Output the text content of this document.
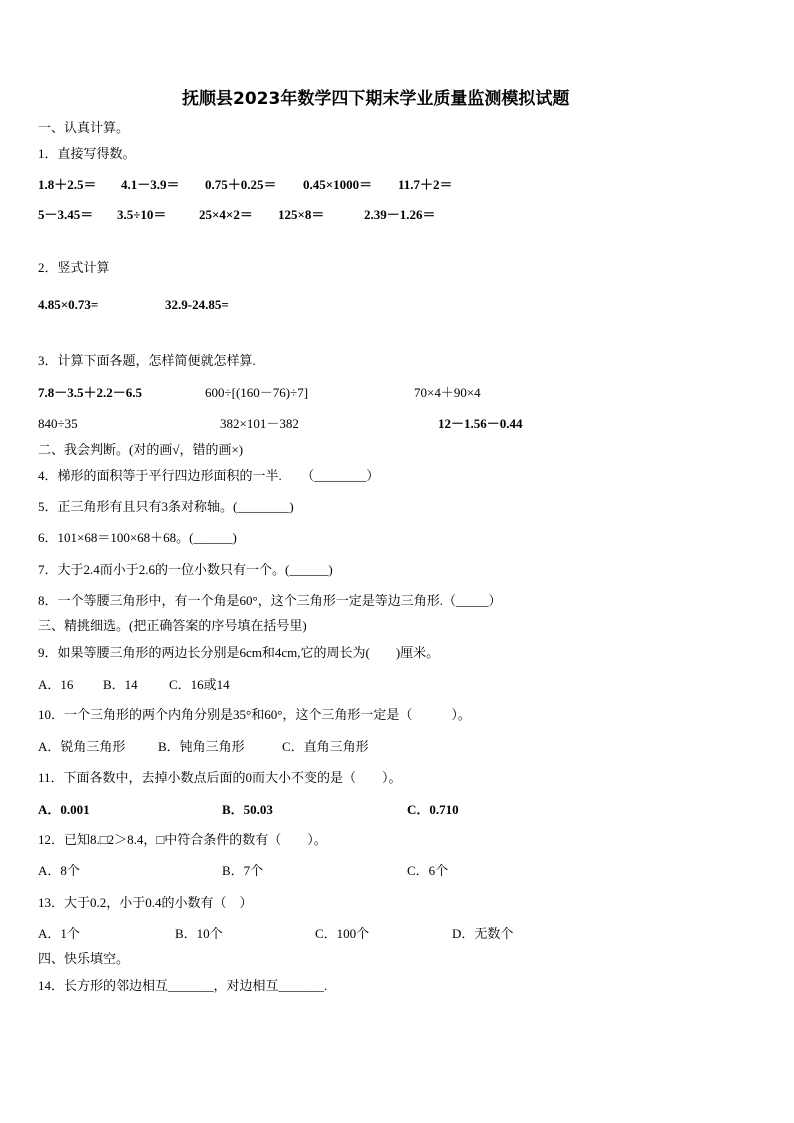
抚顺县2023年数学四下期末学业质量监测模拟试题
一、认真计算。
1．直接写得数。
1.8＋2.5＝ 4.1－3.9＝ 0.75＋0.25＝ 0.45×1000＝ 11.7＋2＝
5－3.45＝ 3.5÷10＝	25×4×2＝ 125×8＝	2.39－1.26＝
2．竖式计算
4.85×0.73=	32.9-24.85=
3．计算下面各题，怎样简便就怎样算.
7.8－3.5＋2.2－6.5	600÷[(160－76)÷7]	70×4＋90×4
840÷35	382×101－382	12－1.56－0.44
二、我会判断。(对的画√，错的画×)
4．梯形的面积等于平行四边形面积的一半.　　（________）
5．正三角形有且只有3条对称轴。(________)
6．101×68＝100×68＋68。(______)
7．大于2.4而小于2.6的一位小数只有一个。(______)
8．一个等腰三角形中，有一个角是60°，这个三角形一定是等边三角形.（_____）
三、精挑细选。(把正确答案的序号填在括号里)
9．如果等腰三角形的两边长分别是6cm和4cm,它的周长为(　　)厘米。
A．16 B．14 C．16或14
10．一个三角形的两个内角分别是35°和60°，这个三角形一定是（　　　）。
A．锐角三角形	B．钝角三角形	C．直角三角形
11．下面各数中，去掉小数点后面的0而大小不变的是（　　）。
A．0.001	B．50.03	C．0.710
12．已知8.□2＞8.4，□中符合条件的数有（　　）。
A．8个	B．7个	C．6个
13．大于0.2，小于0.4的小数有（　）
A．1个	B．10个	C．100个	D．无数个
四、快乐填空。
14．长方形的邻边相互_______，对边相互_______.
